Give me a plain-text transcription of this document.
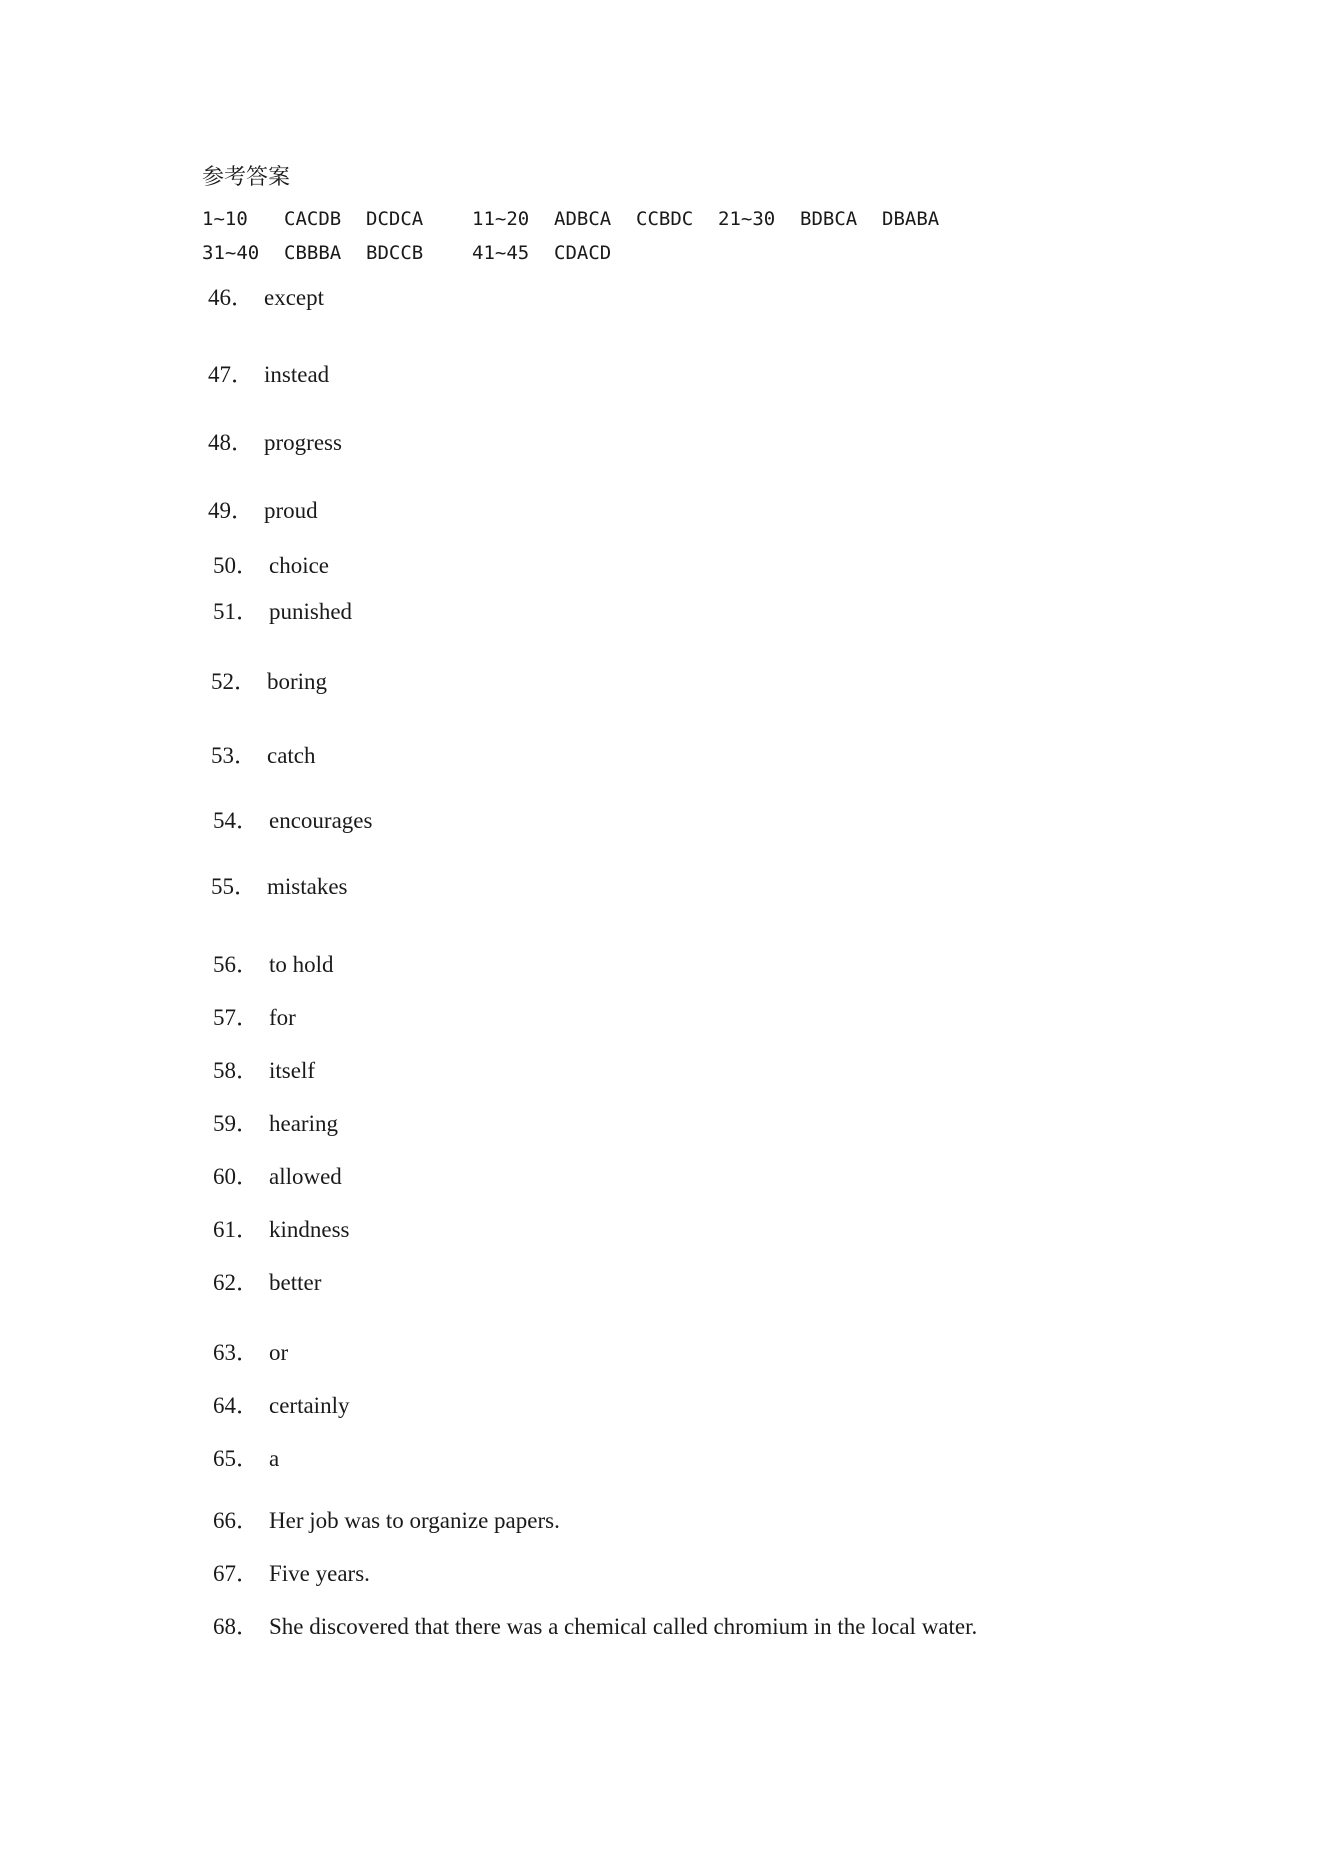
参考答案

1~10

CACDB

DCDCA

	11~20

ADBCA

CCBDC

21~30

BDBCA

DBABA

31~40

CBBBA

BDCCB

	41~45

CDACD

46． except
47． instead
48． progress
49． proud
50． choice
51． punished
52． boring
53． catch
54． encourages
55． mistakes
56． to hold
57． for
58． itself
59． hearing
60． allowed
61． kindness
62． better
63． or
64． certainly
65． a
66． Her job was to organize papers.
67． Five years.
68． She discovered that there was a chemical called chromium in the local water.
